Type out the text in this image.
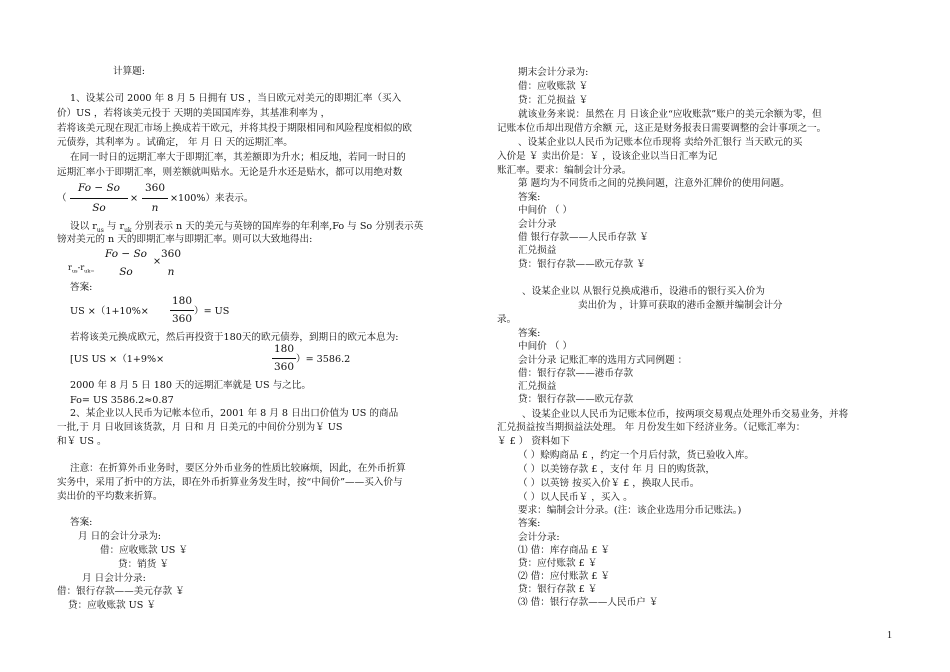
计算题:
1、设某公司 2000 年 8 月 5 日拥有 US ，当日欧元对美元的即期汇率（买入
价）US ，若将该美元投于 天期的美国国库券，其基准利率为 ，
若将该美元现在现汇市场上换成若干欧元，并将其投于期限相同和风险程度相似的欧
元债券，其利率为 。试确定， 年 月 日 天的远期汇率。
在同一时日的远期汇率大于即期汇率，其差额即为升水；相反地，若同一时日的
远期汇率小于即期汇率，则差额就叫贴水。无论是升水还是贴水，都可以用绝对数
（
Fo − So
So
×
360
n
×100%）来表示。
设以 $r_{us}$ 与 $r_{uk}$ 分别表示 n 天的美元与英镑的国库券的年利率,Fo 与 So 分别表示英
镑对美元的 n 天的即期汇率与即期汇率。则可以大致地得出:
$r_{us}-r_{uk=}$
Fo − So
So
×
360
n
答案:
US ×（1+10%×
180
360
）= US
若将该美元换成欧元，然后再投资于180天的欧元债券，到期日的欧元本息为:
[US US ×（1+9%×
180
360
）= 3586.2
2000 年 8 月 5 日 180 天的远期汇率就是 US 与之比。
Fo= US 3586.2≈0.87
2、某企业以人民币为记帐本位币，2001 年 8 月 8 日出口价值为 US 的商品
一批,于 月 日收回该货款，月 日和 月 日美元的中间价分别为￥ US
和￥ US 。
注意：在折算外币业务时，要区分外币业务的性质比较麻烦，因此，在外币折算
实务中，采用了折中的方法，即在外币折算业务发生时，按“中间价”——买入价与
卖出价的平均数来折算。
答案:
月 日的会计分录为:
借：应收账款 US ￥
贷：销货 ￥
月 日会计分录:
借：银行存款——美元存款 ￥
贷：应收账款 US ￥
期末会计分录为:
借：应收账款 ￥
贷：汇兑损益 ￥
就该业务来说：虽然在 月 日该企业“应收账款”账户的美元余额为零，但
记账本位币却出现借方余额 元，这正是财务报表日需要调整的会计事项之一。
、设某企业以人民币为记账本位币现将 卖给外汇银行 当天欧元的买
入价是 ￥ 卖出价是：￥ ，设该企业以当日汇率为记
账汇率。要求：编制会计分录。
第 题均为不同货币之间的兑换问题，注意外汇牌价的使用问题。
答案:
中间价 （ ）
会计分录
借 银行存款——人民币存款 ￥
汇兑损益
贷：银行存款——欧元存款 ￥
、设某企业以 从银行兑换成港币，设港币的银行买入价为
卖出价为 ，计算可获取的港币金额并编制会计分
录。
答案:
中间价 （ ）
会计分录 记账汇率的选用方式同例题 ：
借：银行存款——港币存款
汇兑损益
贷：银行存款——欧元存款
、设某企业以人民币为记账本位币，按两项交易观点处理外币交易业务，并将
汇兑损益按当期损益法处理。 年 月份发生如下经济业务。（记账汇率为：
￥ £ ） 资料如下
（ ）赊购商品 £ ，约定一个月后付款，货已验收入库。
（ ）以美镑存款 £ ，支付 年 月 日的购货款，
（ ）以英镑 按买入价￥ £ ，换取人民币。
（ ）以人民币￥ ，买入 。
要求：编制会计分录。(注：该企业选用分币记账法。)
答案:
会计分录:
⑴ 借：库存商品 £ ￥
贷：应付账款 £ ￥
⑵ 借：应付账款 £ ￥
贷：银行存款 £ ￥
⑶ 借：银行存款——人民币户 ￥
1
